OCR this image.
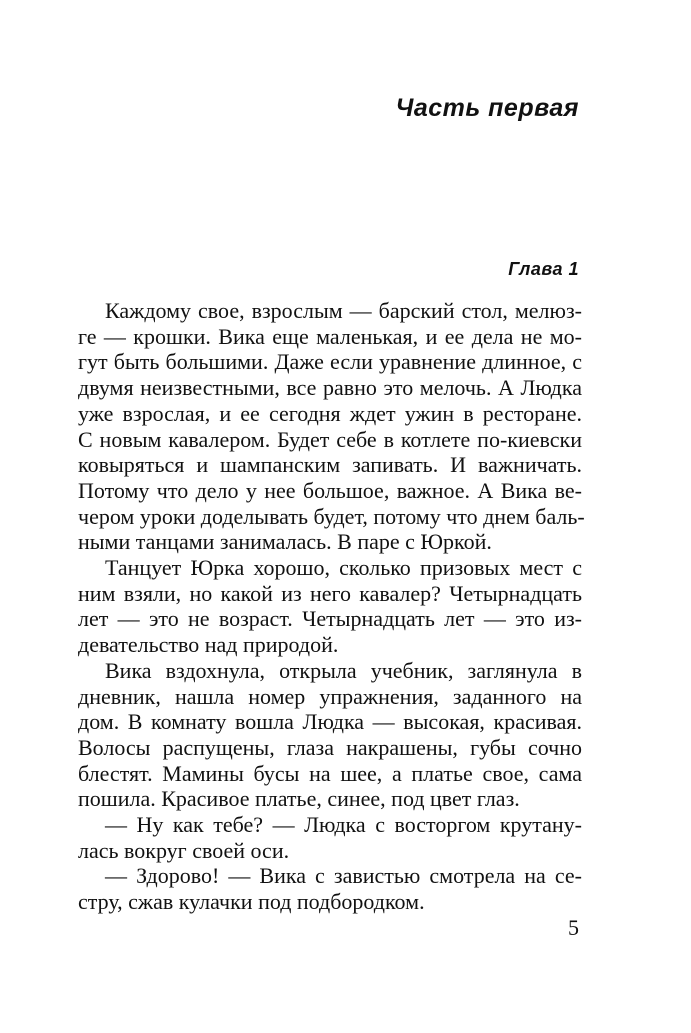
Часть первая
Глава 1

Каждому свое, взрослым — барский стол, мелюз-
ге — крошки. Вика еще маленькая, и ее дела не мо-
гут быть большими. Даже если уравнение длинное, с
двумя неизвестными, все равно это мелочь. А Людка
уже взрослая, и ее сегодня ждет ужин в ресторане.
С новым кавалером. Будет себе в котлете по-киевски
ковыряться и шампанским запивать. И важничать.
Потому что дело у нее большое, важное. А Вика ве-
чером уроки доделывать будет, потому что днем баль-
ными танцами занималась. В паре с Юркой.

Танцует Юрка хорошо, сколько призовых мест с
ним взяли, но какой из него кавалер? Четырнадцать
лет — это не возраст. Четырнадцать лет — это из-
девательство над природой.

Вика вздохнула, открыла учебник, заглянула в
дневник, нашла номер упражнения, заданного на
дом. В комнату вошла Людка — высокая, красивая.
Волосы распущены, глаза накрашены, губы сочно
блестят. Мамины бусы на шее, а платье свое, сама
пошила. Красивое платье, синее, под цвет глаз.

— Ну как тебе? — Людка с восторгом крутану-
лась вокруг своей оси.

— Здорово! — Вика с завистью смотрела на се-
стру, сжав кулачки под подбородком.

5
